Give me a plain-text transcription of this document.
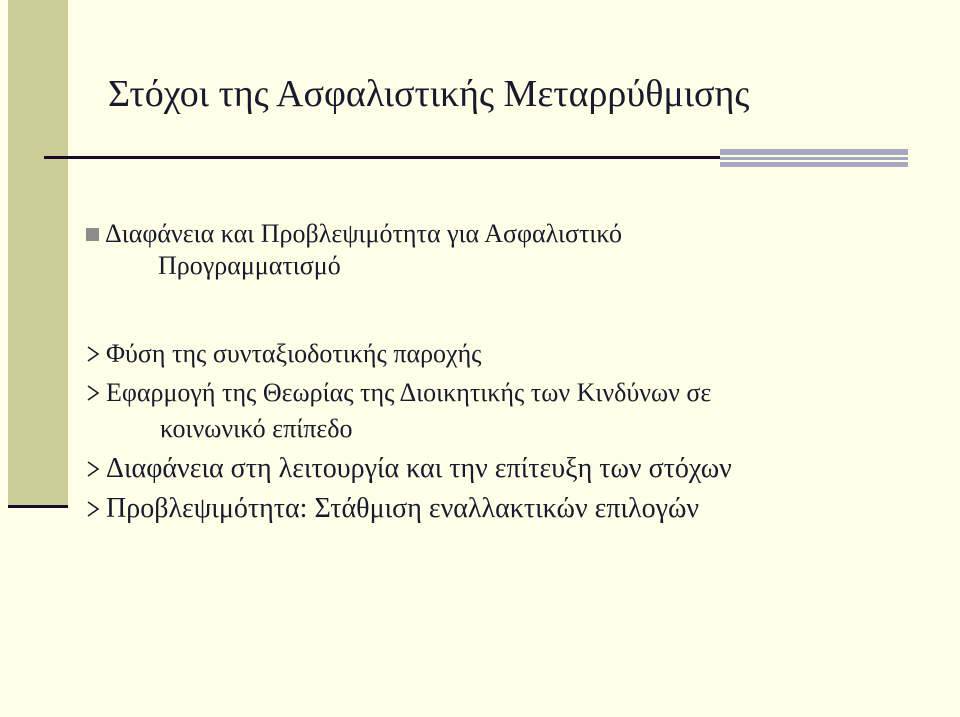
Στόχοι της Ασφαλιστικής Μεταρρύθμισης
Διαφάνεια και Προβλεψιμότητα για Ασφαλιστικό
Προγραμματισμό
Φύση της συνταξιοδοτικής παροχής
Εφαρμογή της Θεωρίας της Διοικητικής των Κινδύνων σε
κοινωνικό επίπεδο
Διαφάνεια στη λειτουργία και την επίτευξη των στόχων
Προβλεψιμότητα: Στάθμιση εναλλακτικών επιλογών
